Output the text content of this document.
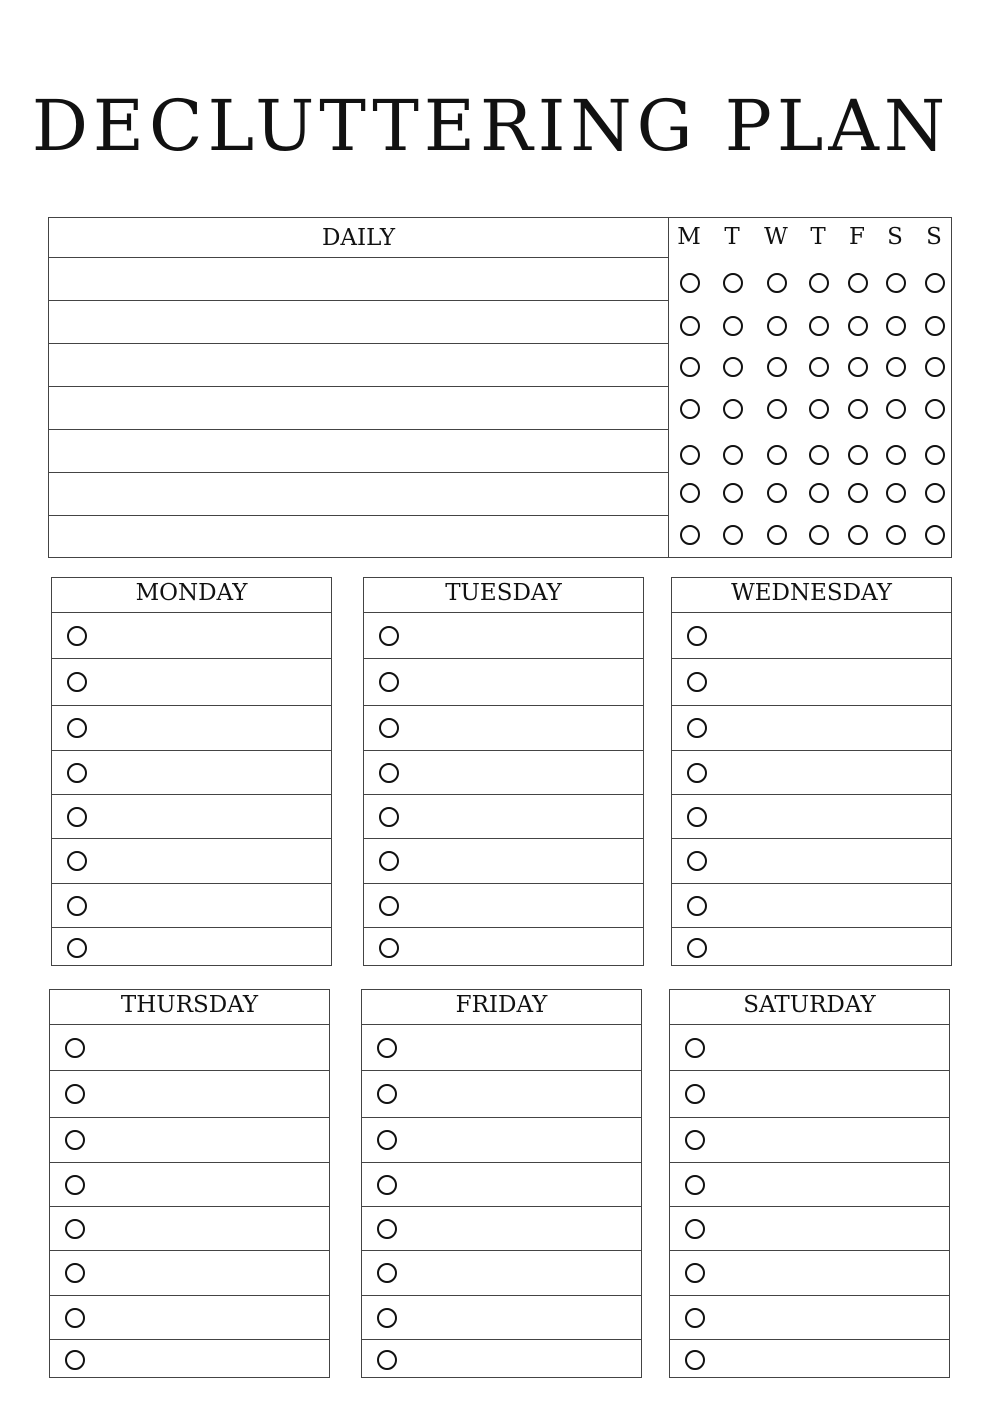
DECLUTTERING PLAN
DAILY	M T W T F S S
MONDAY	TUESDAY	WEDNESDAY
THURSDAY	FRIDAY	SATURDAY
